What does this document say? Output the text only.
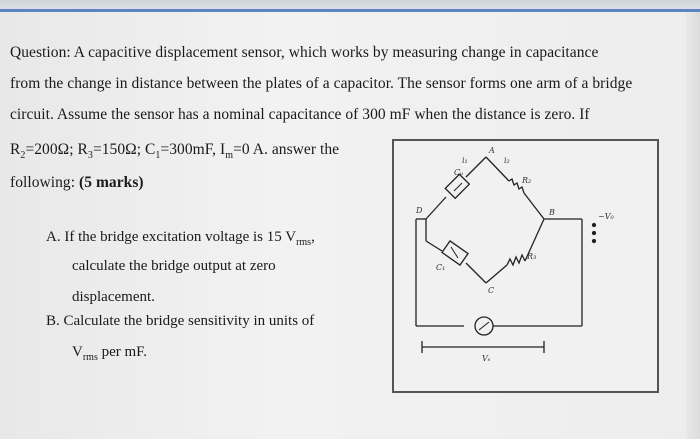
Question: A capacitive displacement sensor, which works by measuring change in capacitance
from the change in distance between the plates of a capacitor. The sensor forms one arm of a bridge
circuit. Assume the sensor has a nominal capacitance of 300 mF when the distance is zero. If
$R_2=200\Omega$; $R_3=150\Omega$; $C_1=300mF$, $I_m=0$ A. answer the
following: (5 marks)
A. If the bridge excitation voltage is 15 $V_{rms}$,
calculate the bridge output at zero
displacement.
B. Calculate the bridge sensitivity in units of
$V_{rms}$ per mF.
Cᵤ
C₁
A
B
C
D
R₂
R₃
~V₀
Vₛ
i₁	i₂
